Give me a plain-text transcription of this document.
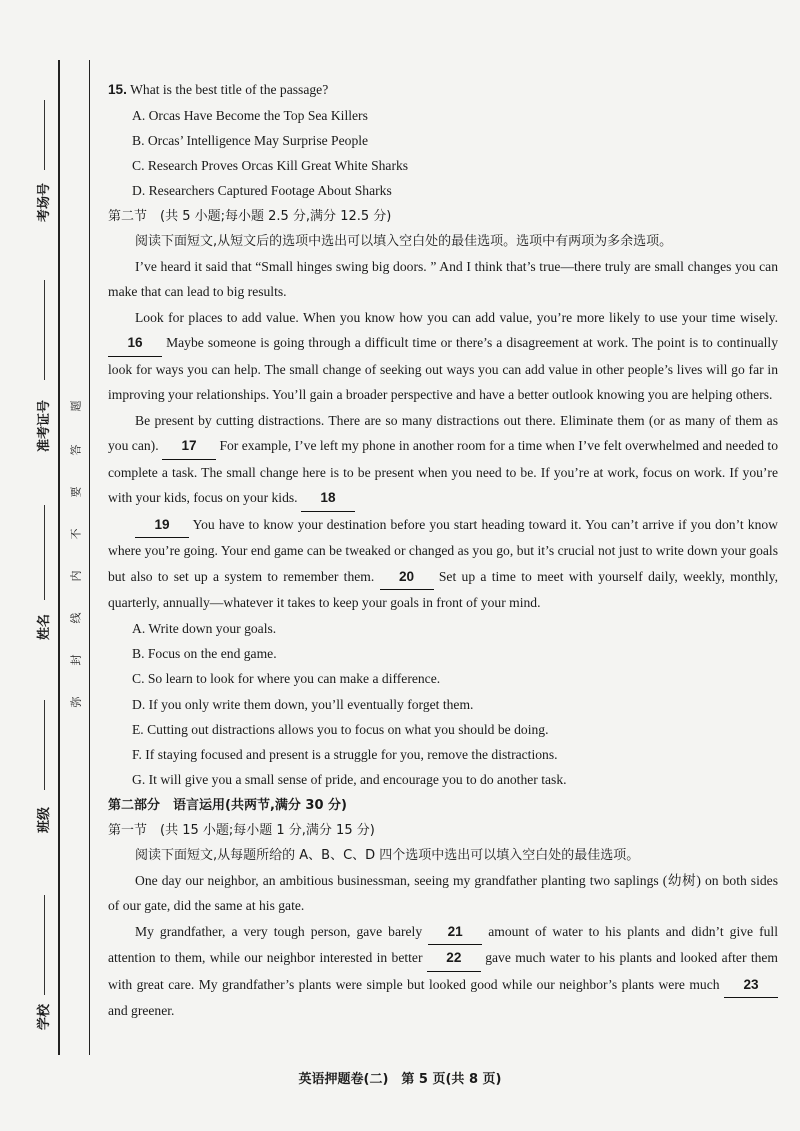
考场号
准考证号
姓名
班级
学校
题
答
要
不
内
线
封
弥

15. What is the best title of the passage?

A. Orcas Have Become the Top Sea Killers

B. Orcas’ Intelligence May Surprise People

C. Research Proves Orcas Kill Great White Sharks

D. Researchers Captured Footage About Sharks

第二节　(共 5 小题;每小题 2.5 分,满分 12.5 分)

阅读下面短文,从短文后的选项中选出可以填入空白处的最佳选项。选项中有两项为多余选项。

I’ve heard it said that “Small hinges swing big doors. ” And I think that’s true—there truly are small changes you can make that can lead to big results.

Look for places to add value. When you know how you can add value, you’re more likely to use your time wisely. 16 Maybe someone is going through a difficult time or there’s a disagreement at work. The point is to continually look for ways you can help. The small change of seeking out ways you can add value in other people’s lives will go far in improving your relationships. You’ll gain a broader perspective and have a better outlook knowing you are helping others.

Be present by cutting distractions. There are so many distractions out there. Eliminate them (or as many of them as you can). 17 For example, I’ve left my phone in another room for a time when I’ve felt overwhelmed and needed to complete a task. The small change here is to be present when you need to be. If you’re at work, focus on work. If you’re with your kids, focus on your kids. 18

19 You have to know your destination before you start heading toward it. You can’t arrive if you don’t know where you’re going. Your end game can be tweaked or changed as you go, but it’s crucial not just to write down your goals but also to set up a system to remember them. 20 Set up a time to meet with yourself daily, weekly, monthly, quarterly, annually—whatever it takes to keep your goals in front of your mind.

A. Write down your goals.

B. Focus on the end game.

C. So learn to look for where you can make a difference.

D. If you only write them down, you’ll eventually forget them.

E. Cutting out distractions allows you to focus on what you should be doing.

F. If staying focused and present is a struggle for you, remove the distractions.

G. It will give you a small sense of pride, and encourage you to do another task.

第二部分　语言运用(共两节,满分 30 分)

第一节　(共 15 小题;每小题 1 分,满分 15 分)

阅读下面短文,从每题所给的 A、B、C、D 四个选项中选出可以填入空白处的最佳选项。

One day our neighbor, an ambitious businessman, seeing my grandfather planting two saplings (幼树) on both sides of our gate, did the same at his gate.

My grandfather, a very tough person, gave barely 21 amount of water to his plants and didn’t give full attention to them, while our neighbor interested in better 22 gave much water to his plants and looked after them with great care. My grandfather’s plants were simple but looked good while our neighbor’s plants were much 23 and greener.

英语押题卷(二)　第 5 页(共 8 页)
